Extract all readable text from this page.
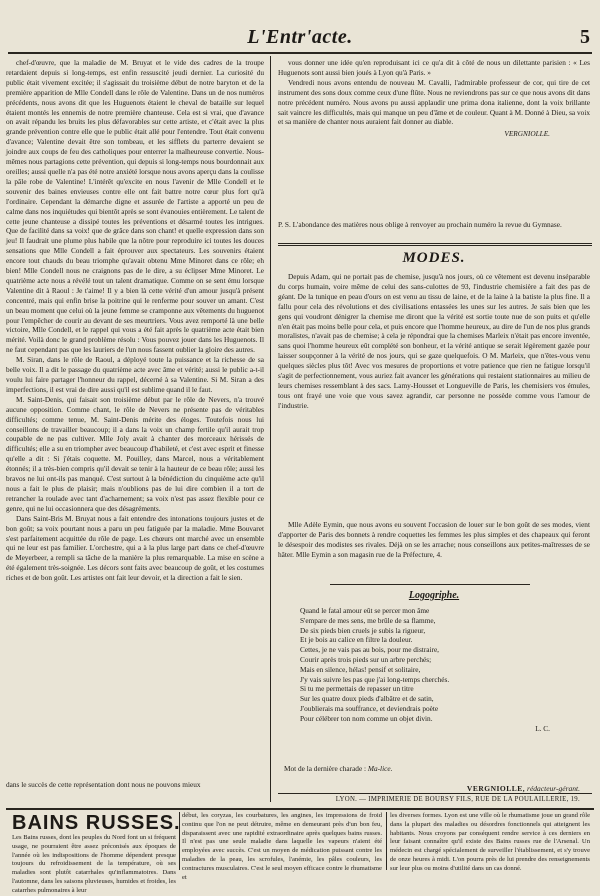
L'Entr'acte.	5

chef-d'œuvre, que la maladie de M. Bruyat et le vide des cadres de la troupe retardaient depuis si long-temps, est enfin ressuscité jeudi dernier. La curiosité du public était vivement excitée; il s'agissait du troisième début de notre baryton et de la première apparition de Mlle Condell dans le rôle de Valentine. Dans un de nos numéros précédents, nous avons dit que les Huguenots étaient le cheval de bataille sur lequel étaient montés les ennemis de notre première chanteuse. Cela est si vrai, que d'avance on avait répandu les bruits les plus défavorables sur cette artiste, et c'était avec la plus grande prévention contre elle que le public était allé pour l'entendre. Tout était convenu d'avance; Valentine devait être son tombeau, et les sifflets du parterre devaient se joindre aux coups de feu des catholiques pour enterrer la malheureuse convertie. Nous-mêmes nous partagions cette prévention, qui depuis si long-temps nous bourdonnait aux oreilles; aussi quelle n'a pas été notre anxiété lorsque nous avons aperçu dans la coulisse la pâle robe de Valentine! L'intérêt qu'excite en nous l'avenir de Mlle Condell et le souvenir des baines envieuses contre elle ont fait battre notre cœur plus fort qu'à l'ordinaire. Cependant la démarche digne et assurée de l'artiste a apporté un peu de calme dans nos inquiétudes qui bientôt après se sont évanouies entièrement. Le talent de cette jeune chanteuse a dissipé toutes les préventions et désarmé toutes les intrigues. Que de facilité dans sa voix! que de grâce dans son chant! et quelle expression dans son jeu! Il faudrait une plume plus habile que la nôtre pour reproduire ici toutes les douces sensations que Mlle Condell a fait éprouver aux spectateurs. Les souvenirs étaient encore tout chauds du beau triomphe qu'avait obtenu Mme Minoret dans ce rôle; eh bien! Mlle Condell nous ne craignons pas de le dire, a su éclipser Mme Minoret. Le quatrième acte nous a révélé tout un talent dramatique. Comme on se sent ému lorsque Valentine dit à Raoul : Je t'aime! Il y a bien là cette vérité d'un amour jusqu'à présent concentré, mais qui enfin brise la poitrine qui le renferme pour souver un amant. C'est un beau moment que celui où la jeune femme se cramponne aux vêtements du huguenot pour l'empêcher de courir au devant de ses meurtriers. Vous avez remporté là une belle victoire, Mlle Condell, et le rappel qui vous a été fait après le quatrième acte était bien mérité. Voilà donc le grand problème résolu : Vous pouvez jouer dans les Huguenots. Il ne faut cependant pas que les lauriers de l'un nous fassent oublier la gloire des autres.

M. Siran, dans le rôle de Raoul, a déployé toute la puissance et la richesse de sa belle voix. Il a dit le passage du quatrième acte avec âme et vérité; aussi le public a-t-il voulu lui faire partager l'honneur du rappel, décerné à sa Valentine. Si M. Siran a des imperfections, il est vrai de dire aussi qu'il est sublime quand il le faut.

M. Saint-Denis, qui faisait son troisième début par le rôle de Nevers, n'a trouvé aucune opposition. Comme chant, le rôle de Nevers ne présente pas de véritables difficultés; comme tenue, M. Saint-Denis mérite des éloges. Toutefois nous lui conseillons de travailler beaucoup; il a dans la voix un champ fertile qu'il aurait trop coupable de ne pas cultiver. Mlle Joly avait à chanter des morceaux hérissés de difficultés; elle a su en triompher avec beaucoup d'habileté, et c'est avec esprit et finesse qu'elle a dit : Si j'étais coquette. M. Pouilley, dans Marcel, nous a véritablement étonnés; il a très-bien compris qu'il devait se tenir à la hauteur de ce beau rôle; aussi les bravos ne lui ont-ils pas manqué. C'est surtout à la bénédiction du cinquième acte qu'il nous a fait le plus de plaisir; mais n'oublions pas de lui dire combien il a tort de retrancher la roulade avec tant d'acharnement; sa voix n'est pas assez flexible pour ce genre, qui ne lui occasionnera que des désagréments.

Dans Saint-Bris M. Bruyat nous a fait entendre des intonations toujours justes et de bon goût; sa voix pourtant nous a paru un peu fatiguée par la maladie. Mme Bouvaret s'est parfaitement acquittée du rôle de page. Les chœurs ont marché avec un ensemble qui ne leur est pas familier. L'orchestre, qui a à la plus large part dans ce chef-d'œuvre de Meyerbeer, a rempli sa tâche de la manière la plus remarquable. La mise en scène a été également très-soignée. Les décors sont faits avec beaucoup de goût, et les costumes riches et de bon goût. Les artistes ont fait leur devoir, et la direction a fait le sien.

dans le succès de cette représentation dont nous ne pouvons mieux

vous donner une idée qu'en reproduisant ici ce qu'a dit à côté de nous un dilettante parisien : « Les Huguenots sont aussi bien joués à Lyon qu'à Paris. »

Vendredi nous avons entendu de nouveau M. Cavalli, l'admirable professeur de cor, qui tire de cet instrument des sons doux comme ceux d'une flûte. Nous ne reviendrons pas sur ce que nous avons dit dans notre précédent numéro. Nous avons pu aussi applaudir une prima dona italienne, dont la voix brillante sait vaincre les difficultés, mais qui manque un peu d'âme et de couleur. Quant à M. Donné à Dieu, sa voix et sa manière de chanter nous auraient fait donner au diable.

VERGNIOLLE.
P. S. L'abondance des matières nous oblige à renvoyer au prochain numéro la revue du Gymnase.
MODES.

Depuis Adam, qui ne portait pas de chemise, jusqu'à nos jours, où ce vêtement est devenu inséparable du corps humain, voire même de celui des sans-culottes de 93, l'industrie chemisière a fait des pas de géant. De la tunique en peau d'ours on est venu au tissu de laine, et de la laine à la batiste la plus fine. Il a fallu pour cela des révolutions et des civilisations entassées les unes sur les autres. Je sais bien que les gens qui voudront dénigrer la chemise me diront que la vérité est sortie toute nue de son puits et qu'elle n'en était pas moins belle pour cela, et puis encore que l'homme heureux, au dire de l'un de nos plus grands moralistes, n'avait pas de chemise; à cela je répondrai que la chemises Marleix n'était pas encore inventée, sans quoi l'homme heureux eût complété son bonheur, et la vérité antique se serait légèrement gazée pour laisser soupçonner à la vérité de nos jours, qui se gaze quelquefois. O M. Marleix, que n'êtes-vous venu quelques siècles plus tôt! Avec vos mesures de proportions et votre patience que rien ne fatigue lorsqu'il s'agit de perfectionnement, vous auriez fait avancer les générations qui restaient stationnaires au milieu de leurs chemises ressemblant à des sacs. Lamy-Housset et Longueville de Paris, les chemisiers vos émules, tous ont frayé une voie que vous savez agrandir, car personne ne possède comme vous l'amour de l'industrie.

Mlle Adèle Eymin, que nous avons eu souvent l'occasion de louer sur le bon goût de ses modes, vient d'apporter de Paris des bonnets à rendre coquettes les femmes les plus simples et des chapeaux qui feront le désespoir des modistes ses rivales. Déjà on se les arrache; nous conseillons aux petites-maîtresses de se hâter. Mlle Eymin a son magasin rue de la Préfecture, 4.

Logogriphe.
Quand le fatal amour eût se percer mon âme
S'empare de mes sens, me brûle de sa flamme,
De six pieds bien cruels je subis la rigueur,
Et je bois au calice en filtre la douleur.
Cettes, je ne vais pas au bois, pour me distraire,
Courir après trois pieds sur un arbre perchés;
Mais en silence, hélas! pensif et solitaire,
J'y vais suivre les pas que j'ai long-temps cherchés.
Si tu me permettais de repasser un titre
Sur les quatre doux pieds d'albâtre et de satin,
J'oublierais ma souffrance, et deviendrais poète
Pour célébrer ton nom comme un objet divin.
L. C.
Mot de la dernière charade : Ma-lice.
VERGNIOLLE, rédacteur-gérant.
LYON. — IMPRIMERIE DE BOURSY FILS, RUE DE LA POULAILLERIE, 19.
BAINS RUSSES.
Les Bains russes, dont les peuples du Nord font un si fréquent usage, ne pourraient être assez préconisés aux époques de l'année où les indispositions de l'homme dépendent presque toujours du refroidissement de la température, où ses maladies sont plutôt catarrhales qu'inflammatoires. Dans l'automne, dans les saisons pluvieuses, humides et froides, les catarrhes pulmonaires à leur
début, les coryzas, les courbatures, les angines, les impressions de froid continu que l'on ne peut détruire, même en demeurant près d'un bon feu, disparaissent avec une rapidité extraordinaire après quelques bains russes. Il n'est pas une seule maladie dans laquelle les vapeurs n'aient été employées avec succès. C'est un moyen de médication puissant contre les maladies de la peau, les scrofules, l'anémie, les pâles couleurs, les contractures musculaires. C'est le seul moyen efficace contre le rhumatisme et
les diverses formes. Lyon est une ville où le rhumatisme joue un grand rôle dans la plupart des maladies ou désordres fonctionnels qui atteignent les habitants. Nous croyons par conséquent rendre service à ces derniers en leur faisant connaître qu'il existe des Bains russes rue de l'Arsenal. Un médecin est chargé spécialement de surveiller l'établissement, et s'y trouve de onze heures à midi. L'on pourra près de lui prendre des renseignements sur leur plus ou moins d'utilité dans un cas donné.
